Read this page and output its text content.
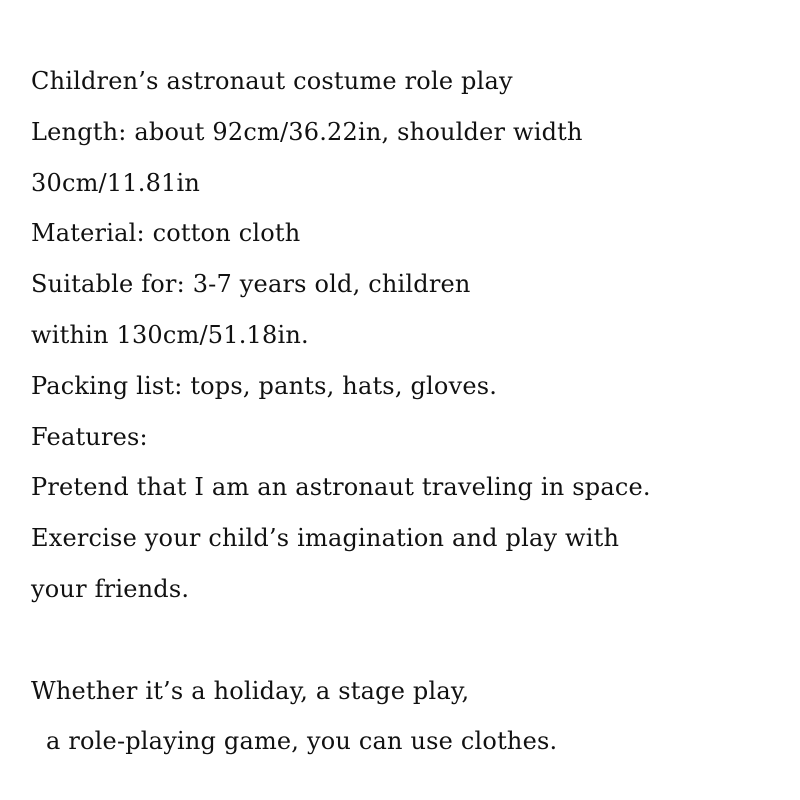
Children’s astronaut costume role play
Length: about 92cm/36.22in, shoulder width
30cm/11.81in
Material: cotton cloth
Suitable for: 3-7 years old, children
within 130cm/51.18in.
Packing list: tops, pants, hats, gloves.
Features:
Pretend that I am an astronaut traveling in space.
Exercise your child’s imagination and play with
your friends.
Whether it’s a holiday, a stage play,
a role-playing game, you can use clothes.
